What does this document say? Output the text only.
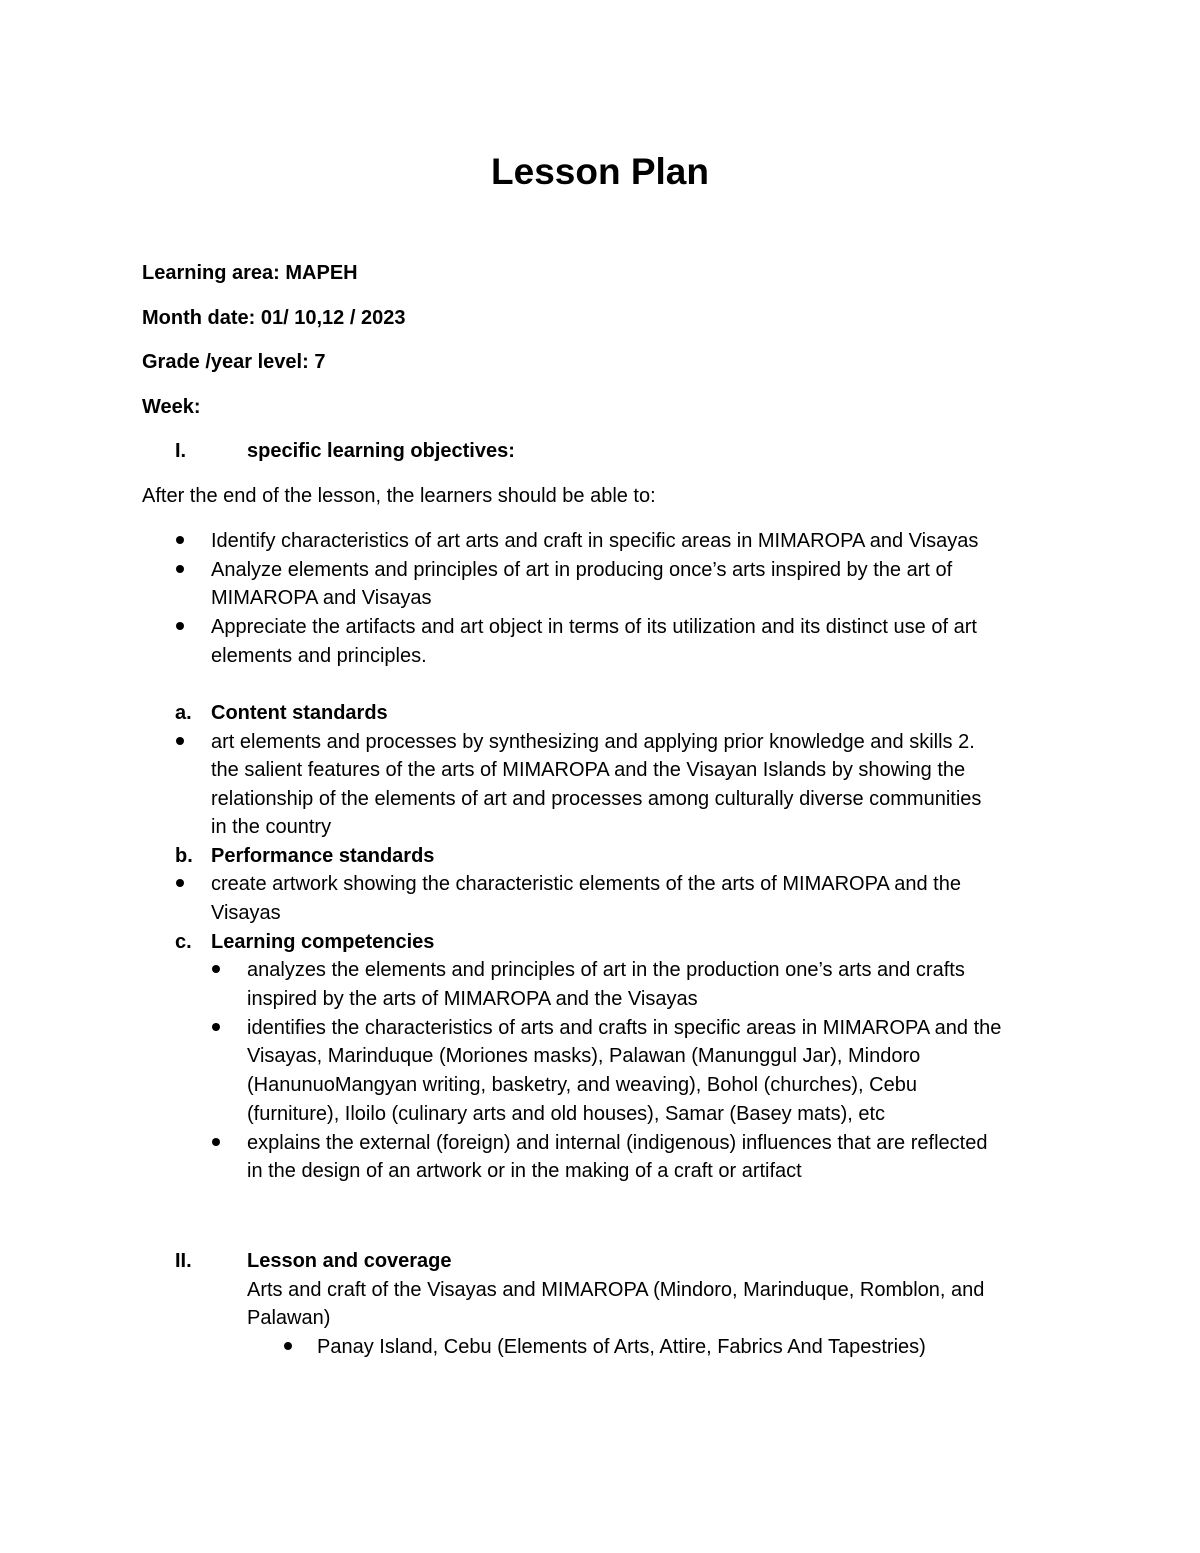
Lesson Plan
Learning area: MAPEH
Month date: 01/ 10,12 / 2023
Grade /year level: 7
Week:
I.	specific learning objectives:
After the end of the lesson, the learners should be able to:
Identify characteristics of art arts and craft in specific areas in MIMAROPA and Visayas
Analyze elements and principles of art in producing once’s arts inspired by the art of
MIMAROPA and Visayas
Appreciate the artifacts and art object in terms of its utilization and its distinct use of art
elements and principles.
a. Content standards
art elements and processes by synthesizing and applying prior knowledge and skills 2.
the salient features of the arts of MIMAROPA and the Visayan Islands by showing the
relationship of the elements of art and processes among culturally diverse communities
in the country
b. Performance standards
create artwork showing the characteristic elements of the arts of MIMAROPA and the
Visayas
c. Learning competencies
analyzes the elements and principles of art in the production one’s arts and crafts
inspired by the arts of MIMAROPA and the Visayas
identifies the characteristics of arts and crafts in specific areas in MIMAROPA and the
Visayas, Marinduque (Moriones masks), Palawan (Manunggul Jar), Mindoro
(HanunuoMangyan writing, basketry, and weaving), Bohol (churches), Cebu
(furniture), Iloilo (culinary arts and old houses), Samar (Basey mats), etc
explains the external (foreign) and internal (indigenous) influences that are reflected
in the design of an artwork or in the making of a craft or artifact
II.	Lesson and coverage
Arts and craft of the Visayas and MIMAROPA (Mindoro, Marinduque, Romblon, and
Palawan)
Panay Island, Cebu (Elements of Arts, Attire, Fabrics And Tapestries)
